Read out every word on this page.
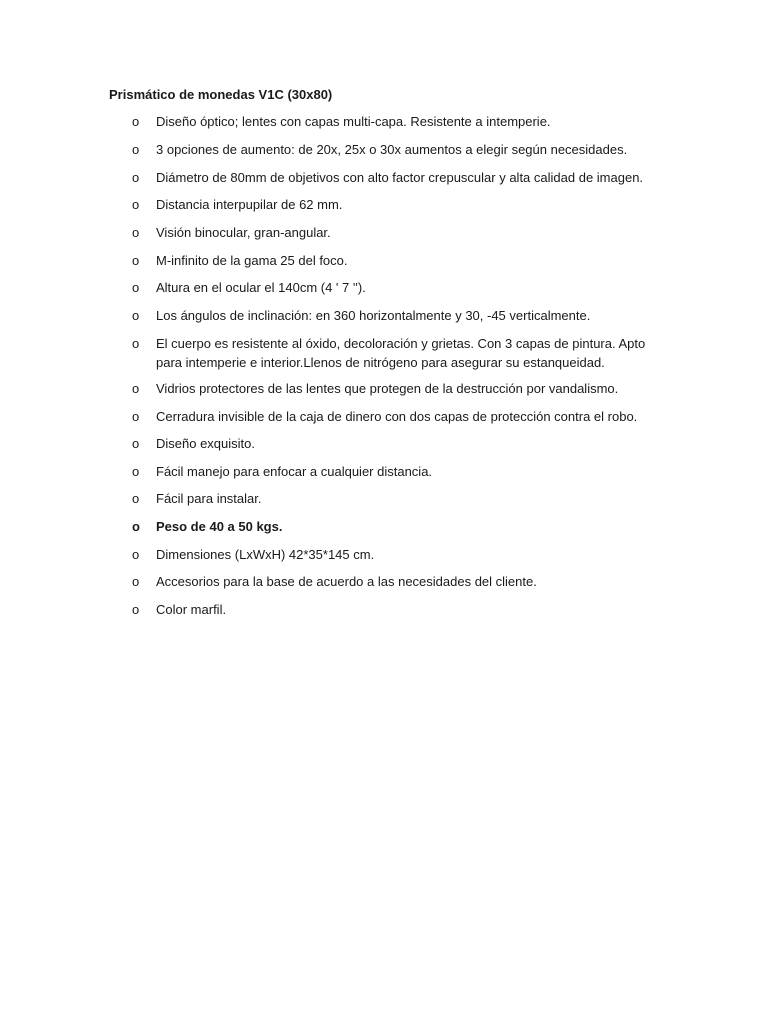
Prismático de monedas V1C (30x80)
o Diseño óptico; lentes con capas multi-capa. Resistente a intemperie.
o 3 opciones de aumento: de 20x, 25x o 30x aumentos a elegir según necesidades.
o Diámetro de 80mm de objetivos con alto factor crepuscular y alta calidad de imagen.
o Distancia interpupilar de 62 mm.
o Visión binocular, gran-angular.
o M-infinito de la gama 25 del foco.
o Altura en el ocular el 140cm (4 ' 7 '').
o Los ángulos de inclinación: en 360 horizontalmente y 30, -45 verticalmente.
o El cuerpo es resistente al óxido, decoloración y grietas. Con 3 capas de pintura. Apto para intemperie e interior.Llenos de nitrógeno para asegurar su estanqueidad.
o Vidrios protectores de las lentes que protegen de la destrucción por vandalismo.
o Cerradura invisible de la caja de dinero con dos capas de protección contra el robo.
o Diseño exquisito.
o Fácil manejo para enfocar a cualquier distancia.
o Fácil para instalar.
o Peso de 40 a 50 kgs.
o Dimensiones (LxWxH) 42*35*145 cm.
o Accesorios para la base de acuerdo a las necesidades del cliente.
o Color marfil.
